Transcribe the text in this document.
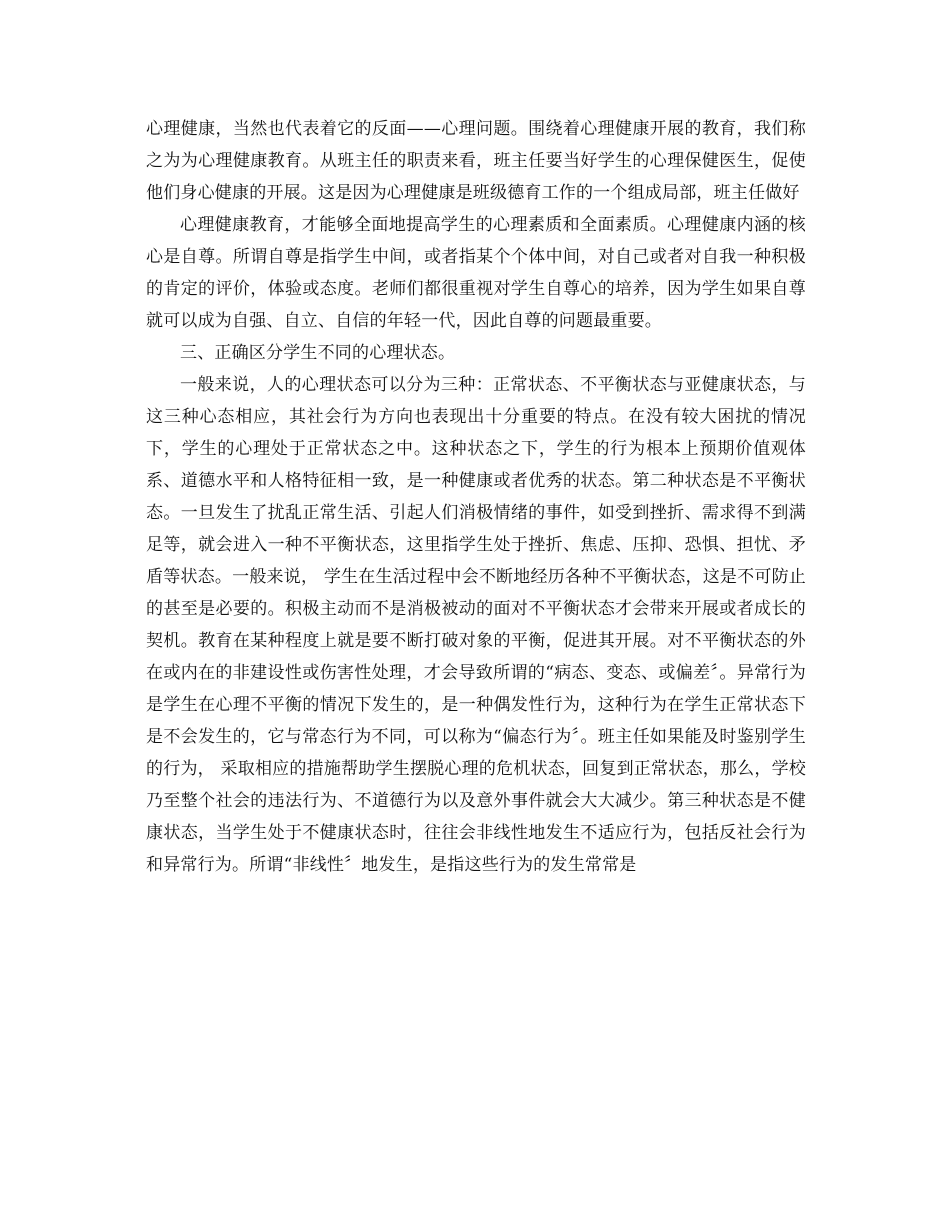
心理健康，当然也代表着它的反面——心理问题。围绕着心理健康开展的教育，我们称之为为心理健康教育。从班主任的职责来看，班主任要当好学生的心理保健医生，促使他们身心健康的开展。这是因为心理健康是班级德育工作的一个组成局部，班主任做好

心理健康教育，才能够全面地提高学生的心理素质和全面素质。心理健康内涵的核心是自尊。所谓自尊是指学生中间，或者指某个个体中间，对自己或者对自我一种积极的肯定的评价，体验或态度。老师们都很重视对学生自尊心的培养，因为学生如果自尊就可以成为自强、自立、自信的年轻一代，因此自尊的问题最重要。

三、正确区分学生不同的心理状态。

一般来说，人的心理状态可以分为三种：正常状态、不平衡状态与亚健康状态，与这三种心态相应，其社会行为方向也表现出十分重要的特点。在没有较大困扰的情况下，学生的心理处于正常状态之中。这种状态之下，学生的行为根本上预期价值观体系、道德水平和人格特征相一致，是一种健康或者优秀的状态。第二种状态是不平衡状态。一旦发生了扰乱正常生活、引起人们消极情绪的事件，如受到挫折、需求得不到满足等，就会进入一种不平衡状态，这里指学生处于挫折、焦虑、压抑、恐惧、担忧、矛盾等状态。一般来说， 学生在生活过程中会不断地经历各种不平衡状态，这是不可防止的甚至是必要的。积极主动而不是消极被动的面对不平衡状态才会带来开展或者成长的契机。教育在某种程度上就是要不断打破对象的平衡，促进其开展。对不平衡状态的外在或内在的非建设性或伤害性处理，才会导致所谓的“病态、变态、或偏差〞。异常行为是学生在心理不平衡的情况下发生的，是一种偶发性行为，这种行为在学生正常状态下是不会发生的，它与常态行为不同，可以称为“偏态行为〞。班主任如果能及时鉴别学生的行为， 采取相应的措施帮助学生摆脱心理的危机状态，回复到正常状态，那么，学校乃至整个社会的违法行为、不道德行为以及意外事件就会大大减少。第三种状态是不健康状态，当学生处于不健康状态时，往往会非线性地发生不适应行为，包括反社会行为和异常行为。所谓“非线性〞地发生，是指这些行为的发生常常是
